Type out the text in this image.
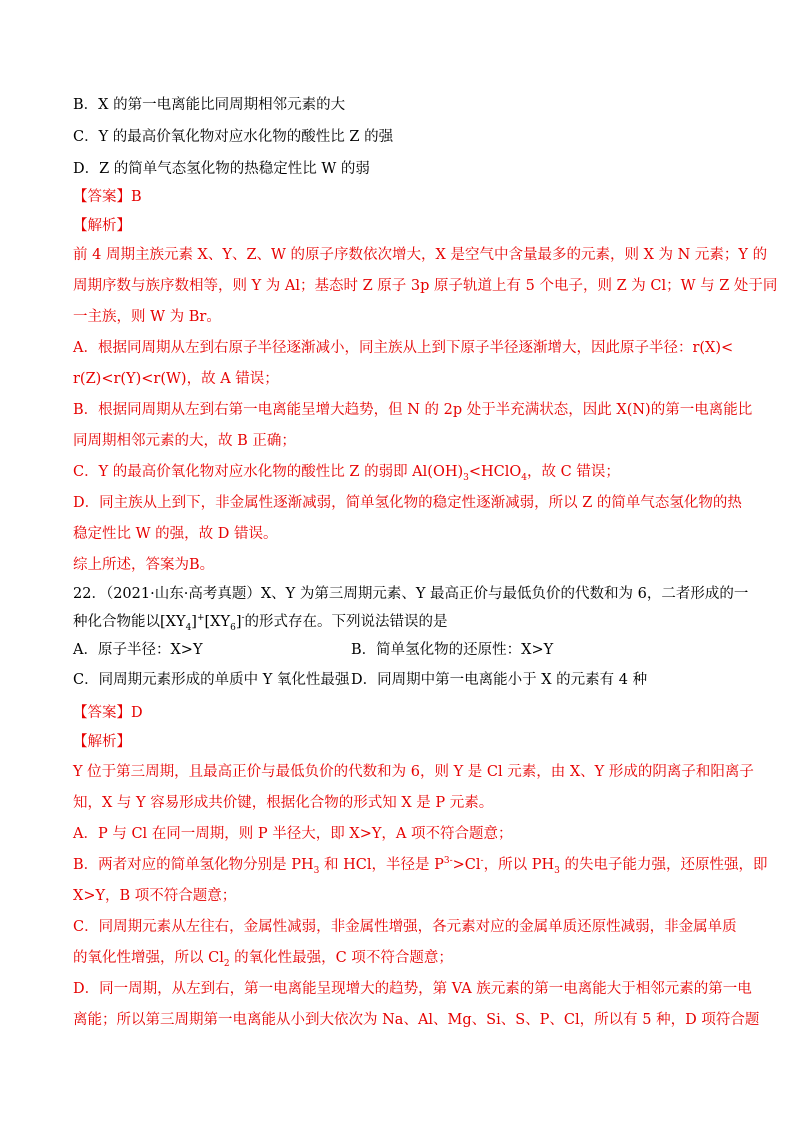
B．X 的第一电离能比同周期相邻元素的大
C．Y 的最高价氧化物对应水化物的酸性比 Z 的强
D．Z 的简单气态氢化物的热稳定性比 W 的弱
【答案】B
【解析】
前 4 周期主族元素 X、Y、Z、W 的原子序数依次增大，X 是空气中含量最多的元素，则 X 为 N 元素；Y 的
周期序数与族序数相等，则 Y 为 Al；基态时 Z 原子 3p 原子轨道上有 5 个电子，则 Z 为 Cl；W 与 Z 处于同
一主族，则 W 为 Br。
A．根据同周期从左到右原子半径逐渐减小，同主族从上到下原子半径逐渐增大，因此原子半径：r(X)<
r(Z)<r(Y)<r(W)，故 A 错误；
B．根据同周期从左到右第一电离能呈增大趋势，但 N 的 2p 处于半充满状态，因此 X(N)的第一电离能比
同周期相邻元素的大，故 B 正确；
C．Y 的最高价氧化物对应水化物的酸性比 Z 的弱即 $Al(OH)_3<HClO_4$，故 C 错误；
D．同主族从上到下，非金属性逐渐减弱，简单氢化物的稳定性逐渐减弱，所以 Z 的简单气态氢化物的热
稳定性比 W 的强，故 D 错误。
综上所述，答案为B。
22．（2021·山东·高考真题）X、Y 为第三周期元素、Y 最高正价与最低负价的代数和为 6，二者形成的一
种化合物能以$[XY_4]^+[XY_6]^-$的形式存在。下列说法错误的是
A．原子半径：X>Y	B．简单氢化物的还原性：X>Y
C．同周期元素形成的单质中 Y 氧化性最强 D．同周期中第一电离能小于 X 的元素有 4 种
【答案】D
【解析】
Y 位于第三周期，且最高正价与最低负价的代数和为 6，则 Y 是 Cl 元素，由 X、Y 形成的阴离子和阳离子
知，X 与 Y 容易形成共价键，根据化合物的形式知 X 是 P 元素。
A．P 与 Cl 在同一周期，则 P 半径大，即 X>Y，A 项不符合题意；
B．两者对应的简单氢化物分别是 $PH_3$ 和 HCl，半径是 $P^{3-}>Cl^-$，所以 $PH_3$ 的失电子能力强，还原性强，即
X>Y，B 项不符合题意；
C．同周期元素从左往右，金属性减弱，非金属性增强，各元素对应的金属单质还原性减弱，非金属单质
的氧化性增强，所以 $Cl_2$ 的氧化性最强，C 项不符合题意；
D．同一周期，从左到右，第一电离能呈现增大的趋势，第 VA 族元素的第一电离能大于相邻元素的第一电
离能；所以第三周期第一电离能从小到大依次为 Na、Al、Mg、Si、S、P、Cl，所以有 5 种，D 项符合题
